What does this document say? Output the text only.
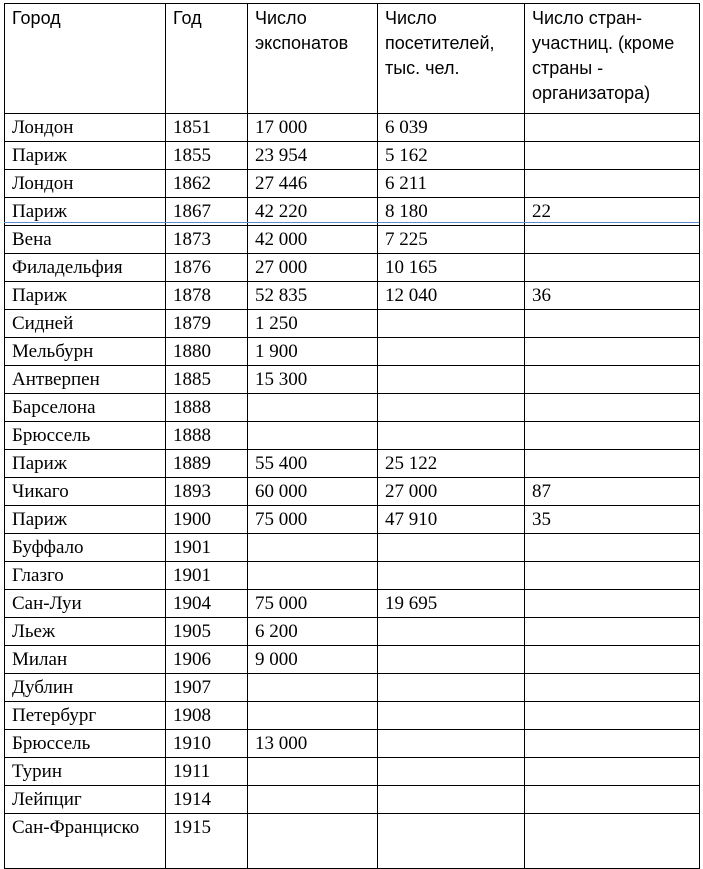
Город	Год	Число экспонатов	Число посетителей, тыс. чел.	Число стран-участниц. (кроме страны - организатора)
Лондон	1851	17 000	6 039	
Париж	1855	23 954	5 162	
Лондон	1862	27 446	6 211	
Париж	1867	42 220	8 180	22
Вена	1873	42 000	7 225	
Филадельфия	1876	27 000	10 165	
Париж	1878	52 835	12 040	36
Сидней	1879	1 250		
Мельбурн	1880	1 900		
Антверпен	1885	15 300		
Барселона	1888			
Брюссель	1888			
Париж	1889	55 400	25 122	
Чикаго	1893	60 000	27 000	87
Париж	1900	75 000	47 910	35
Буффало	1901			
Глазго	1901			
Сан-Луи	1904	75 000	19 695	
Льеж	1905	6 200		
Милан	1906	9 000		
Дублин	1907			
Петербург	1908			
Брюссель	1910	13 000		
Турин	1911			
Лейпциг	1914			
Сан-Франциско	1915			
